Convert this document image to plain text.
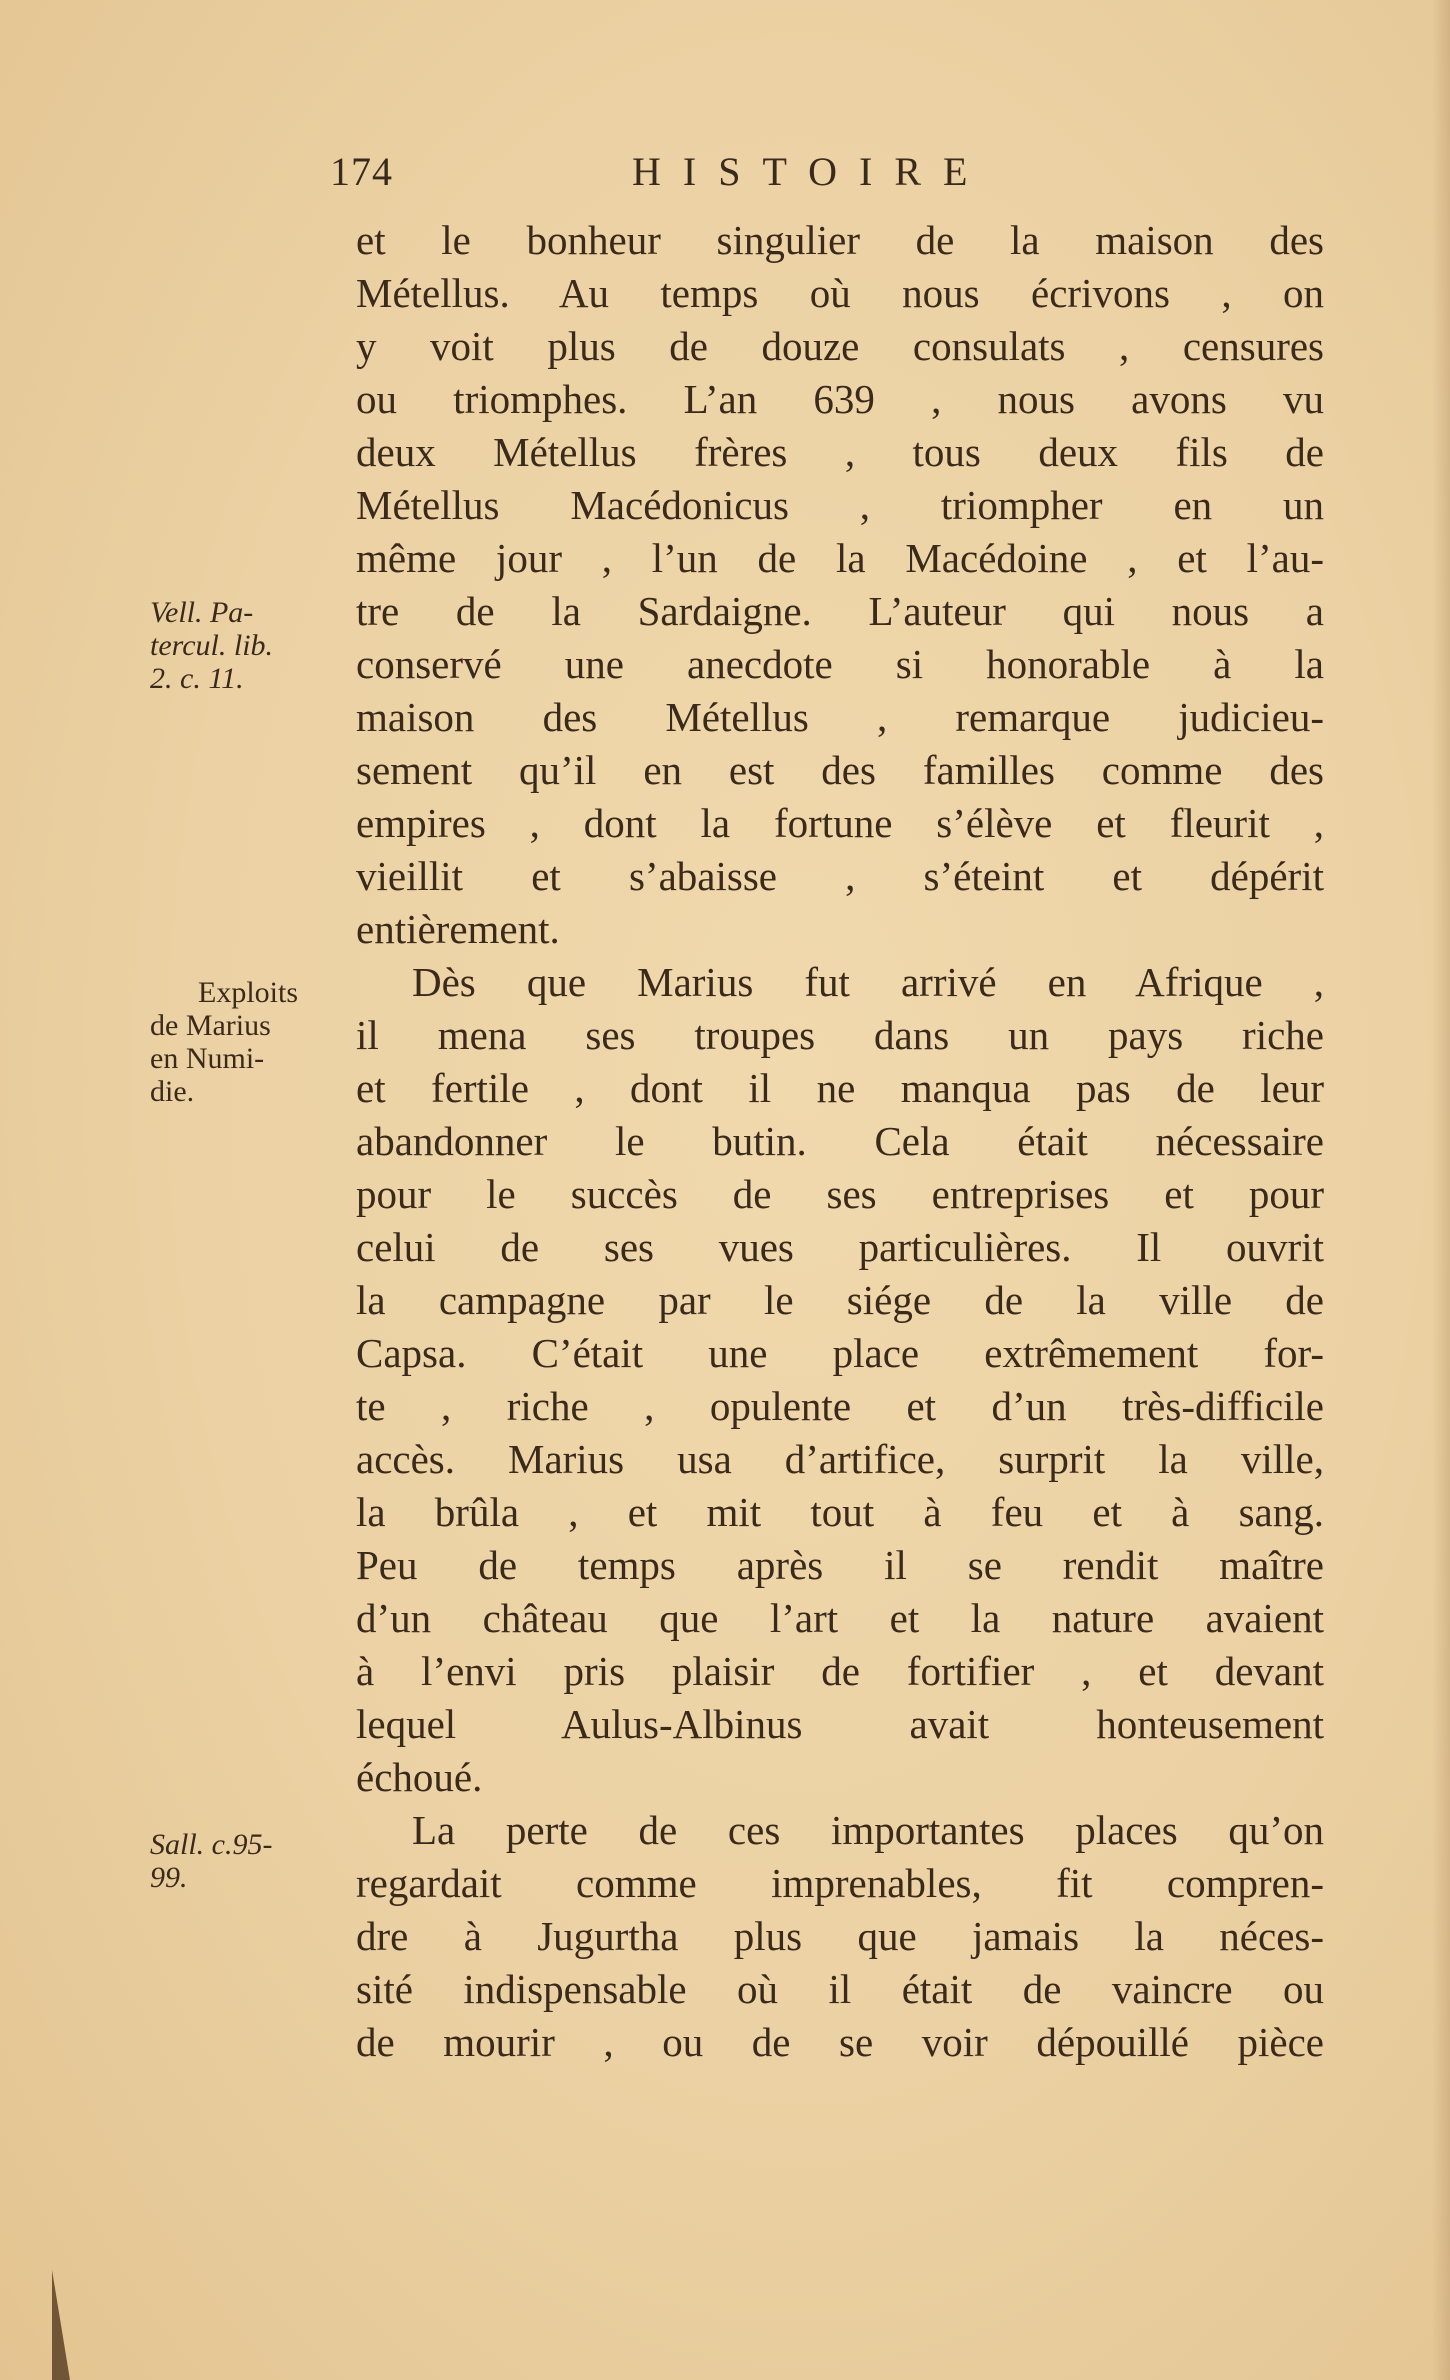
174	HISTOIRE
Vell. Pa-
tercul. lib.
2. c. 11.
Exploits
de Marius
en Numi-
die.
Sall. c.95-
99.
et le bonheur singulier de la maison des
Métellus. Au temps où nous écrivons , on
y voit plus de douze consulats , censures
ou triomphes. L’an 639 , nous avons vu
deux Métellus frères , tous deux fils de
Métellus Macédonicus , triompher en un
même jour , l’un de la Macédoine , et l’au-
tre de la Sardaigne. L’auteur qui nous a
conservé une anecdote si honorable à la
maison des Métellus , remarque judicieu-
sement qu’il en est des familles comme des
empires , dont la fortune s’élève et fleurit ,
vieillit et s’abaisse , s’éteint et dépérit
entièrement.
Dès que Marius fut arrivé en Afrique ,
il mena ses troupes dans un pays riche
et fertile , dont il ne manqua pas de leur
abandonner le butin. Cela était nécessaire
pour le succès de ses entreprises et pour
celui de ses vues particulières. Il ouvrit
la campagne par le siége de la ville de
Capsa. C’était une place extrêmement for-
te , riche , opulente et d’un très-difficile
accès. Marius usa d’artifice, surprit la ville,
la brûla , et mit tout à feu et à sang.
Peu de temps après il se rendit maître
d’un château que l’art et la nature avaient
à l’envi pris plaisir de fortifier , et devant
lequel Aulus-Albinus avait honteusement
échoué.
La perte de ces importantes places qu’on
regardait comme imprenables, fit compren-
dre à Jugurtha plus que jamais la néces-
sité indispensable où il était de vaincre ou
de mourir , ou de se voir dépouillé pièce
